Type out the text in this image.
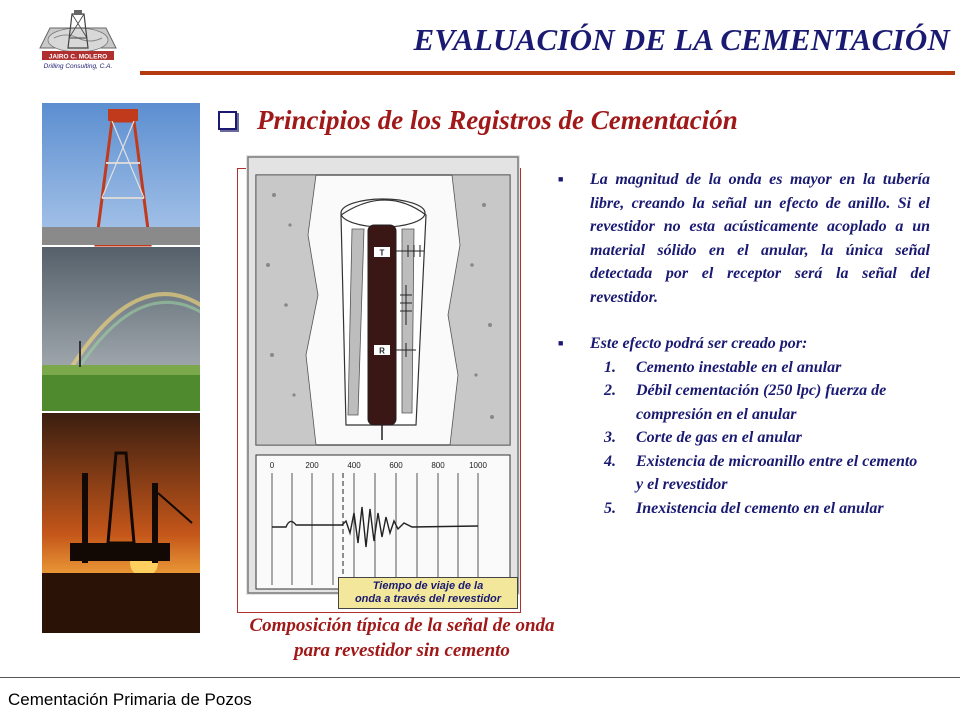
JAIRO C. MOLERO
Drilling Consulting, C.A.
EVALUACIÓN DE LA CEMENTACIÓN
Principios de los Registros de Cementación
T
R
0	200	400	600	800	1000
Tiempo de viaje de la
onda a través del revestidor
Composición típica de la señal de onda
para revestidor sin cemento
■	La magnitud de la onda es mayor en la tubería libre, creando la señal un efecto de anillo. Si el revestidor no esta acústicamente acoplado a un material sólido en el anular, la única señal detectada por el receptor será la señal del revestidor.
■	Este efecto podrá ser creado por:
1.	Cemento inestable en el anular
2.	Débil cementación (250 lpc) fuerza de compresión en el anular
3.	Corte de gas en el anular
4.	Existencia de microanillo entre el cemento y el revestidor
5.	Inexistencia del cemento en el anular
Cementación Primaria de Pozos
